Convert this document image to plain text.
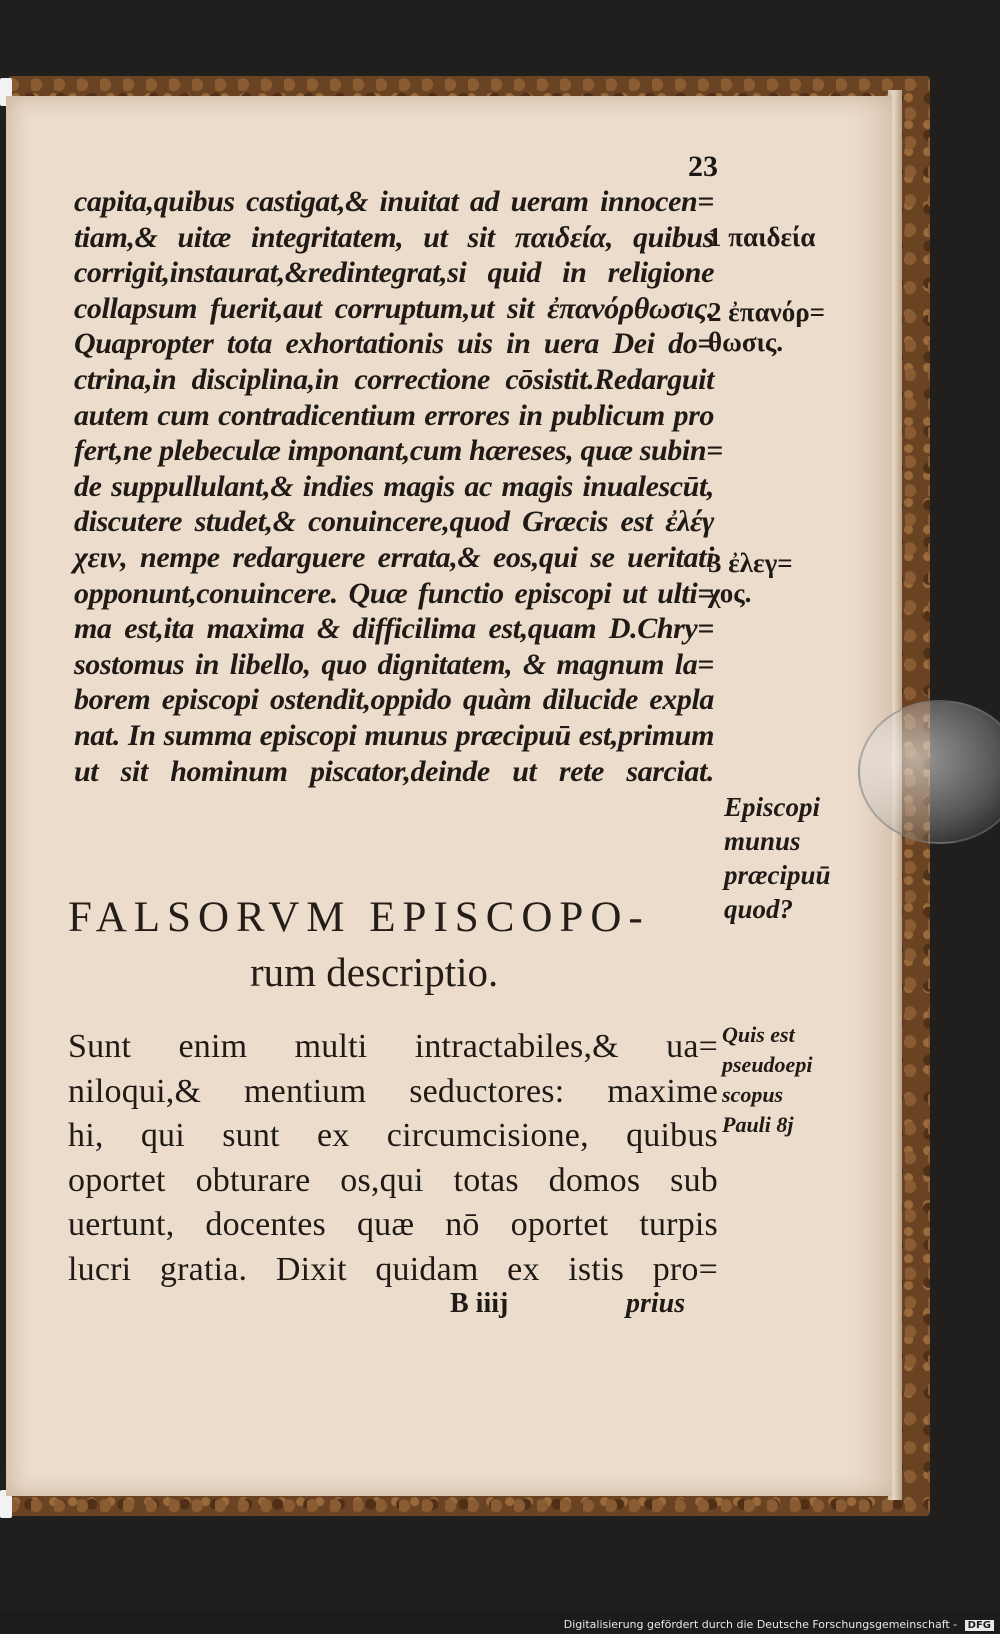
23
capita,quibus castigat,& inuitat ad ueram innocen=
tiam,& uitæ integritatem, ut sit παιδεία, quibus
corrigit,instaurat,&redintegrat,si quid in religione
collapsum fuerit,aut corruptum,ut sit ἐπανόρθωσις.
Quapropter tota exhortationis uis in uera Dei do=
ctrina,in disciplina,in correctione cōsistit.Redarguit
autem cum contradicentium errores in publicum pro
fert,ne plebeculæ imponant,cum hæreses, quæ subin=
de suppullulant,& indies magis ac magis inualescūt,
discutere studet,& conuincere,quod Græcis est ἐλέγ
χειν, nempe redarguere errata,& eos,qui se ueritati
opponunt,conuincere. Quæ functio episcopi ut ulti=
ma est,ita maxima & difficilima est,quam D.Chry=
sostomus in libello, quo dignitatem, & magnum la=
borem episcopi ostendit,oppido quàm dilucide expla
nat. In summa episcopi munus præcipuū est,primum
ut sit hominum piscator,deinde ut rete sarciat.
FALSORVM EPISCOPO-
rum descriptio.
Sunt enim multi intractabiles,& ua=
niloqui,& mentium seductores: maxime
hi, qui sunt ex circumcisione, quibus
oportet obturare os,qui totas domos sub
uertunt, docentes quæ nō oportet turpis
lucri gratia. Dixit quidam ex istis pro=
B iiij	prius
1 παιδεία
2 ἐπανόρ=
θωσις.
3 ἐλεγ=
χος.
Episcopi
munus
præcipuū
quod?
Quis est
pseudoepi
scopus
Pauli 8j
Digitalisierung gefördert durch die Deutsche Forschungsgemeinschaft - DFG
